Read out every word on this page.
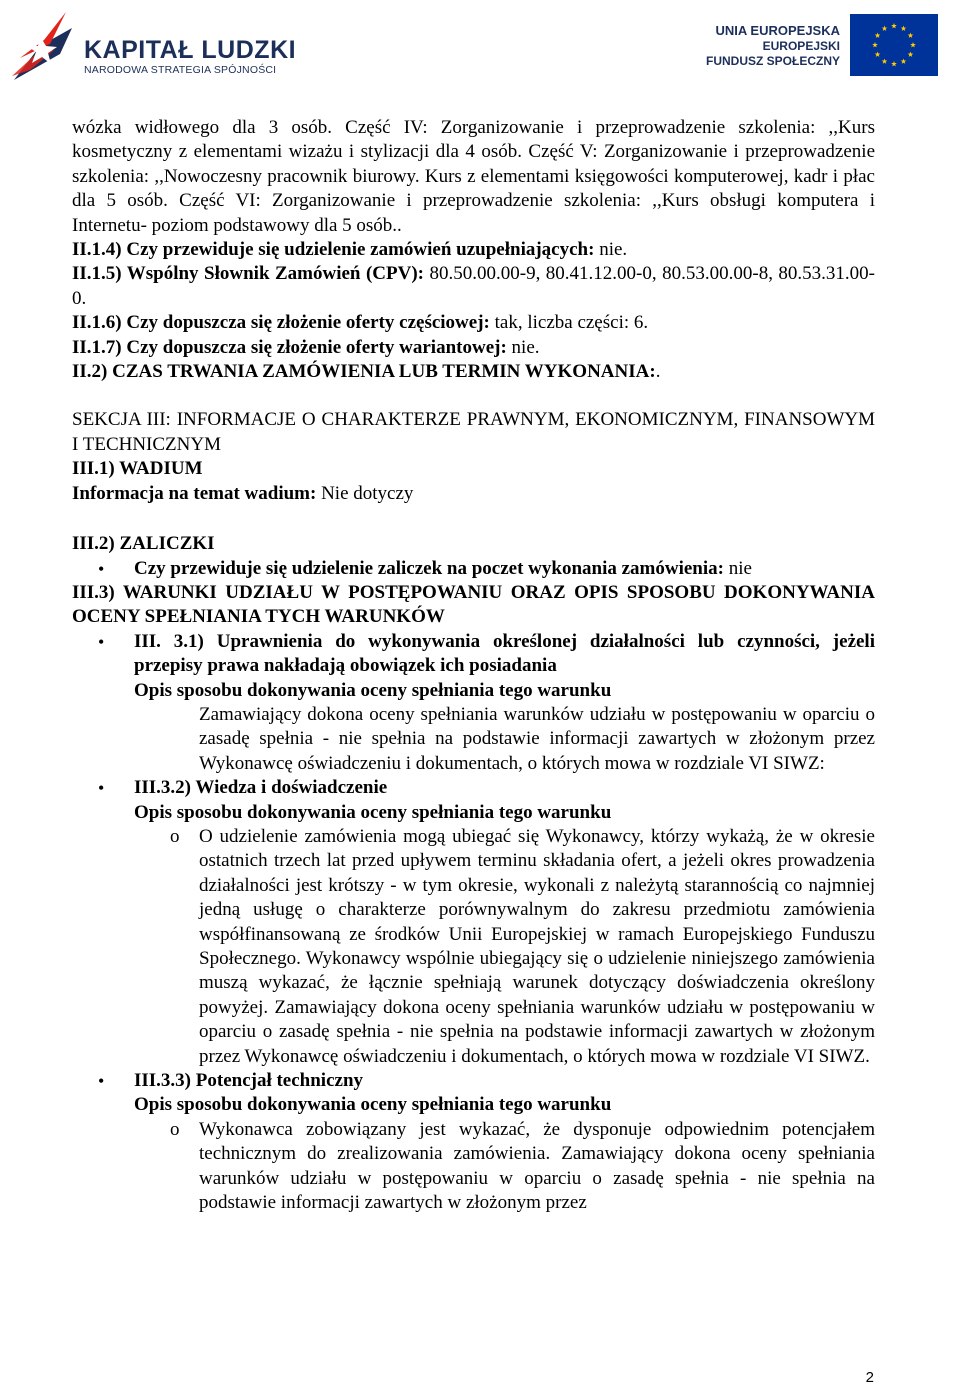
KAPITAŁ LUDZKI
NARODOWA STRATEGIA SPÓJNOŚCI
UNIA EUROPEJSKA
EUROPEJSKI
FUNDUSZ SPOŁECZNY

wózka widłowego dla 3 osób. Część IV: Zorganizowanie i przeprowadzenie szkolenia: ,,Kurs kosmetyczny z elementami wizażu i stylizacji dla 4 osób. Część V: Zorganizowanie i przeprowadzenie szkolenia: ,,Nowoczesny pracownik biurowy. Kurs z elementami księgowości komputerowej, kadr i płac dla 5 osób. Część VI: Zorganizowanie i przeprowadzenie szkolenia: ,,Kurs obsługi komputera i Internetu- poziom podstawowy dla 5 osób..

II.1.4) Czy przewiduje się udzielenie zamówień uzupełniających: nie.

II.1.5) Wspólny Słownik Zamówień (CPV): 80.50.00.00-9, 80.41.12.00-0, 80.53.00.00-8, 80.53.31.00-0.

II.1.6) Czy dopuszcza się złożenie oferty częściowej: tak, liczba części: 6.

II.1.7) Czy dopuszcza się złożenie oferty wariantowej: nie.

II.2) CZAS TRWANIA ZAMÓWIENIA LUB TERMIN WYKONANIA:.

SEKCJA III: INFORMACJE O CHARAKTERZE PRAWNYM, EKONOMICZNYM, FINANSOWYM I TECHNICZNYM

III.1) WADIUM

Informacja na temat wadium: Nie dotyczy

III.2) ZALICZKI

• Czy przewiduje się udzielenie zaliczek na poczet wykonania zamówienia: nie

III.3) WARUNKI UDZIAŁU W POSTĘPOWANIU ORAZ OPIS SPOSOBU DOKONYWANIA OCENY SPEŁNIANIA TYCH WARUNKÓW

• III. 3.1) Uprawnienia do wykonywania określonej działalności lub czynności, jeżeli przepisy prawa nakładają obowiązek ich posiadania
Opis sposobu dokonywania oceny spełniania tego warunku

Zamawiający dokona oceny spełniania warunków udziału w postępowaniu w oparciu o zasadę spełnia - nie spełnia na podstawie informacji zawartych w złożonym przez Wykonawcę oświadczeniu i dokumentach, o których mowa w rozdziale VI SIWZ:

• III.3.2) Wiedza i doświadczenie
Opis sposobu dokonywania oceny spełniania tego warunku
o O udzielenie zamówienia mogą ubiegać się Wykonawcy, którzy wykażą, że w okresie ostatnich trzech lat przed upływem terminu składania ofert, a jeżeli okres prowadzenia działalności jest krótszy - w tym okresie, wykonali z należytą starannością co najmniej jedną usługę o charakterze porównywalnym do zakresu przedmiotu zamówienia współfinansowaną ze środków Unii Europejskiej w ramach Europejskiego Funduszu Społecznego. Wykonawcy wspólnie ubiegający się o udzielenie niniejszego zamówienia muszą wykazać, że łącznie spełniają warunek dotyczący doświadczenia określony powyżej. Zamawiający dokona oceny spełniania warunków udziału w postępowaniu w oparciu o zasadę spełnia - nie spełnia na podstawie informacji zawartych w złożonym przez Wykonawcę oświadczeniu i dokumentach, o których mowa w rozdziale VI SIWZ.

• III.3.3) Potencjał techniczny
Opis sposobu dokonywania oceny spełniania tego warunku
o Wykonawca zobowiązany jest wykazać, że dysponuje odpowiednim potencjałem technicznym do zrealizowania zamówienia. Zamawiający dokona oceny spełniania warunków udziału w postępowaniu w oparciu o zasadę spełnia - nie spełnia na podstawie informacji zawartych w złożonym przez

2
